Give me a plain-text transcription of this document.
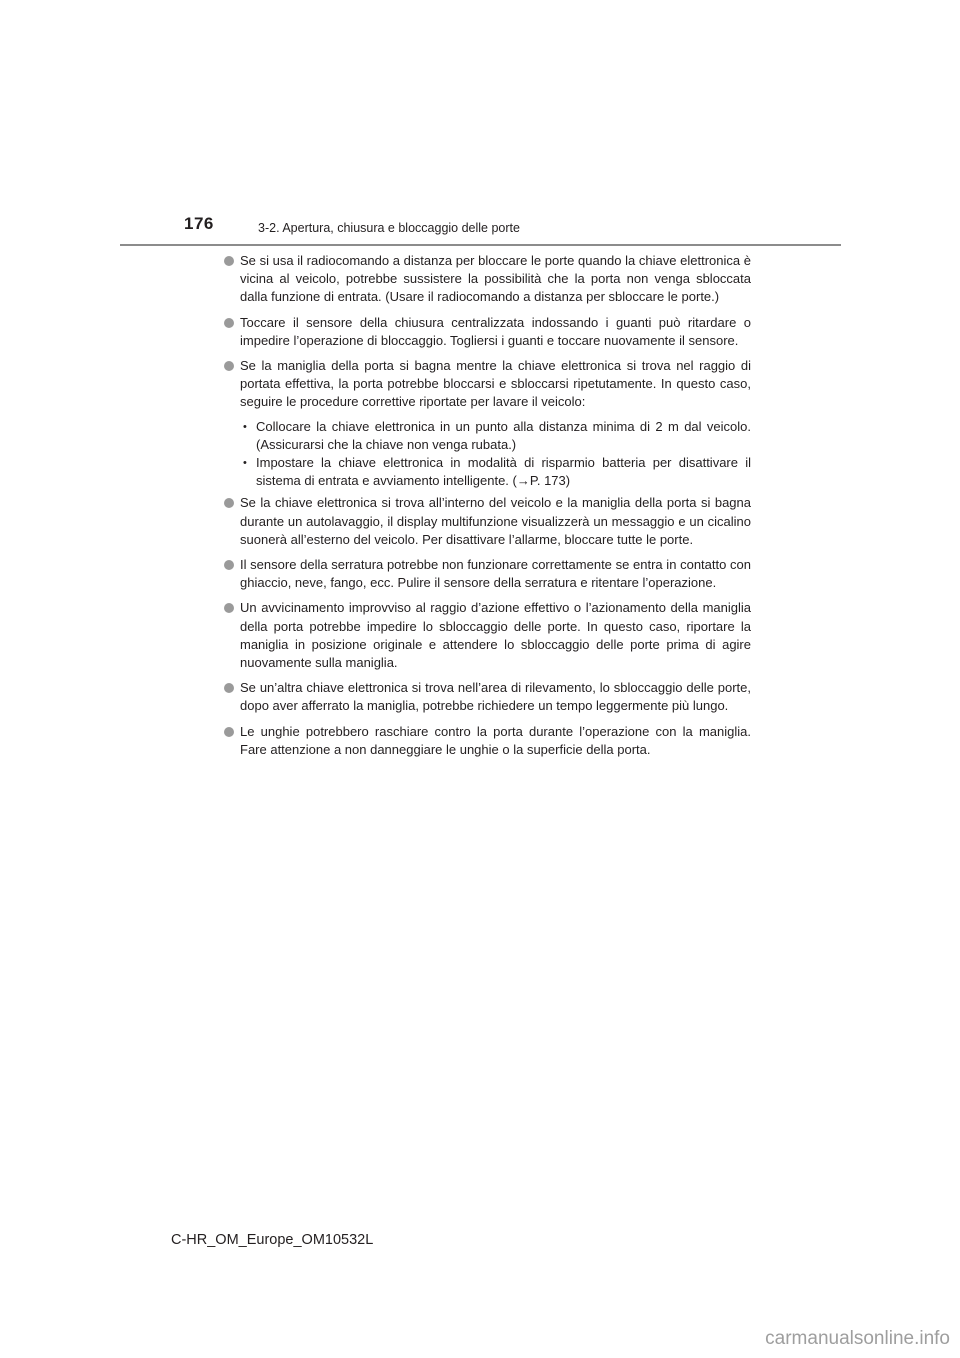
176	3-2. Apertura, chiusura e bloccaggio delle porte
Se si usa il radiocomando a distanza per bloccare le porte quando la chiave elettronica è vicina al veicolo, potrebbe sussistere la possibilità che la porta non venga sbloccata dalla funzione di entrata. (Usare il radiocomando a distanza per sbloccare le porte.)
Toccare il sensore della chiusura centralizzata indossando i guanti può ritardare o impedire l’operazione di bloccaggio. Togliersi i guanti e toccare nuovamente il sensore.
Se la maniglia della porta si bagna mentre la chiave elettronica si trova nel raggio di portata effettiva, la porta potrebbe bloccarsi e sbloccarsi ripetutamente. In questo caso, seguire le procedure correttive riportate per lavare il veicolo:
• Collocare la chiave elettronica in un punto alla distanza minima di 2 m dal veicolo. (Assicurarsi che la chiave non venga rubata.)
• Impostare la chiave elettronica in modalità di risparmio batteria per disattivare il sistema di entrata e avviamento intelligente. (→P. 173)
Se la chiave elettronica si trova all’interno del veicolo e la maniglia della porta si bagna durante un autolavaggio, il display multifunzione visualizzerà un messaggio e un cicalino suonerà all’esterno del veicolo. Per disattivare l’allarme, bloccare tutte le porte.
Il sensore della serratura potrebbe non funzionare correttamente se entra in contatto con ghiaccio, neve, fango, ecc. Pulire il sensore della serratura e ritentare l’operazione.
Un avvicinamento improvviso al raggio d’azione effettivo o l’azionamento della maniglia della porta potrebbe impedire lo sbloccaggio delle porte. In questo caso, riportare la maniglia in posizione originale e attendere lo sbloccaggio delle porte prima di agire nuovamente sulla maniglia.
Se un’altra chiave elettronica si trova nell’area di rilevamento, lo sbloccaggio delle porte, dopo aver afferrato la maniglia, potrebbe richiedere un tempo leggermente più lungo.
Le unghie potrebbero raschiare contro la porta durante l’operazione con la maniglia. Fare attenzione a non danneggiare le unghie o la superficie della porta.
C-HR_OM_Europe_OM10532L
carmanualsonline.info
